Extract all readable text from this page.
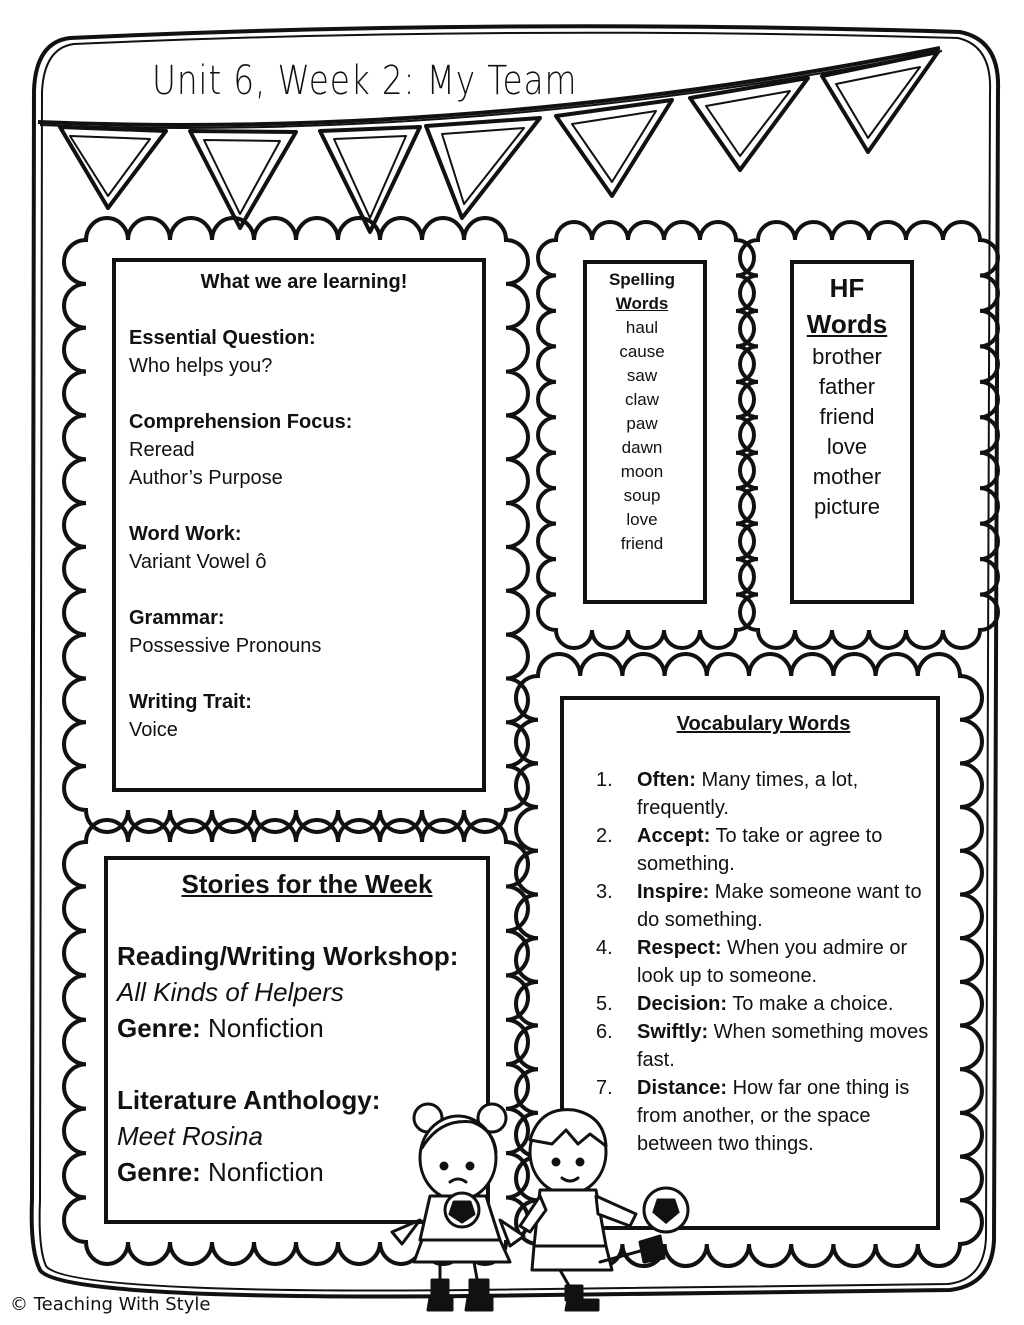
Unit 6, Week 2: My Team
What we are learning!
Essential Question:
Who helps you?
Comprehension Focus:
Reread
Author’s Purpose
Word Work:
Variant Vowel ô
Grammar:
Possessive Pronouns
Writing Trait:
Voice
Spelling
Words
haul
cause
saw
claw
paw
dawn
moon
soup
love
friend
HF
Words
brother
father
friend
love
mother
picture
Vocabulary Words
1. Often: Many times, a lot, frequently.
2. Accept: To take or agree to something.
3. Inspire: Make someone want to do something.
4. Respect: When you admire or look up to someone.
5. Decision: To make a choice.
6. Swiftly: When something moves fast.
7. Distance: How far one thing is from another, or the space between two things.
Stories for the Week
Reading/Writing Workshop:
All Kinds of Helpers
Genre: Nonfiction
Literature Anthology:
Meet Rosina
Genre: Nonfiction
© Teaching With Style
